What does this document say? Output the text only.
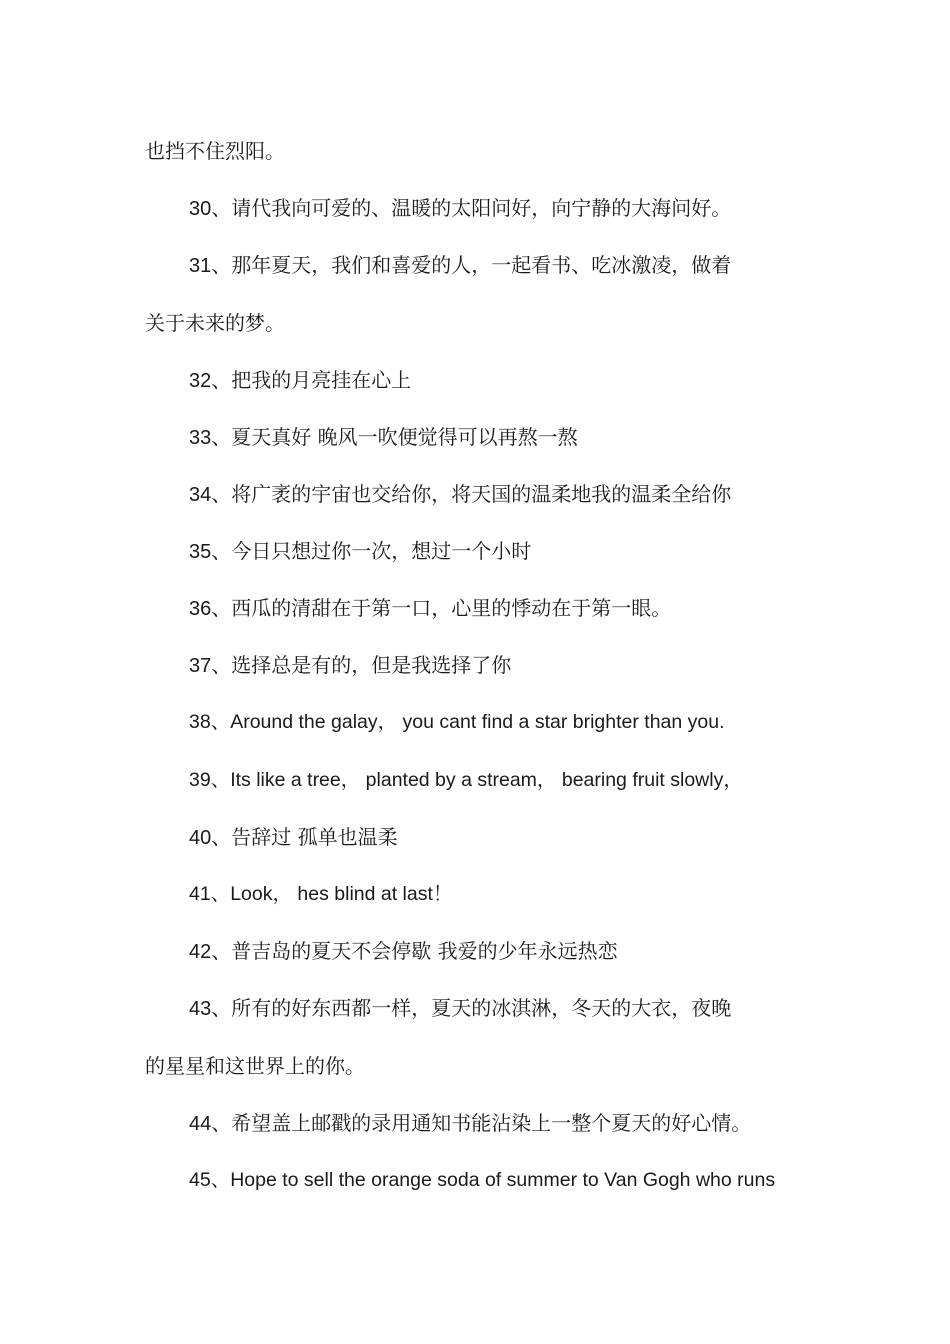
也挡不住烈阳。
30、请代我向可爱的、温暖的太阳问好，向宁静的大海问好。
31、那年夏天，我们和喜爱的人，一起看书、吃冰激凌，做着
关于未来的梦。
32、把我的月亮挂在心上
33、夏天真好 晚风一吹便觉得可以再熬一熬
34、将广袤的宇宙也交给你，将天国的温柔地我的温柔全给你
35、今日只想过你一次，想过一个小时
36、西瓜的清甜在于第一口，心里的悸动在于第一眼。
37、选择总是有的，但是我选择了你
38、Around the galay， you cant find a star brighter than you.
39、Its like a tree， planted by a stream， bearing fruit slowly，
40、告辞过 孤单也温柔
41、Look， hes blind at last！
42、普吉岛的夏天不会停歇 我爱的少年永远热恋
43、所有的好东西都一样，夏天的冰淇淋，冬天的大衣，夜晚
的星星和这世界上的你。
44、希望盖上邮戳的录用通知书能沾染上一整个夏天的好心情。
45、Hope to sell the orange soda of summer to Van Gogh who runs
